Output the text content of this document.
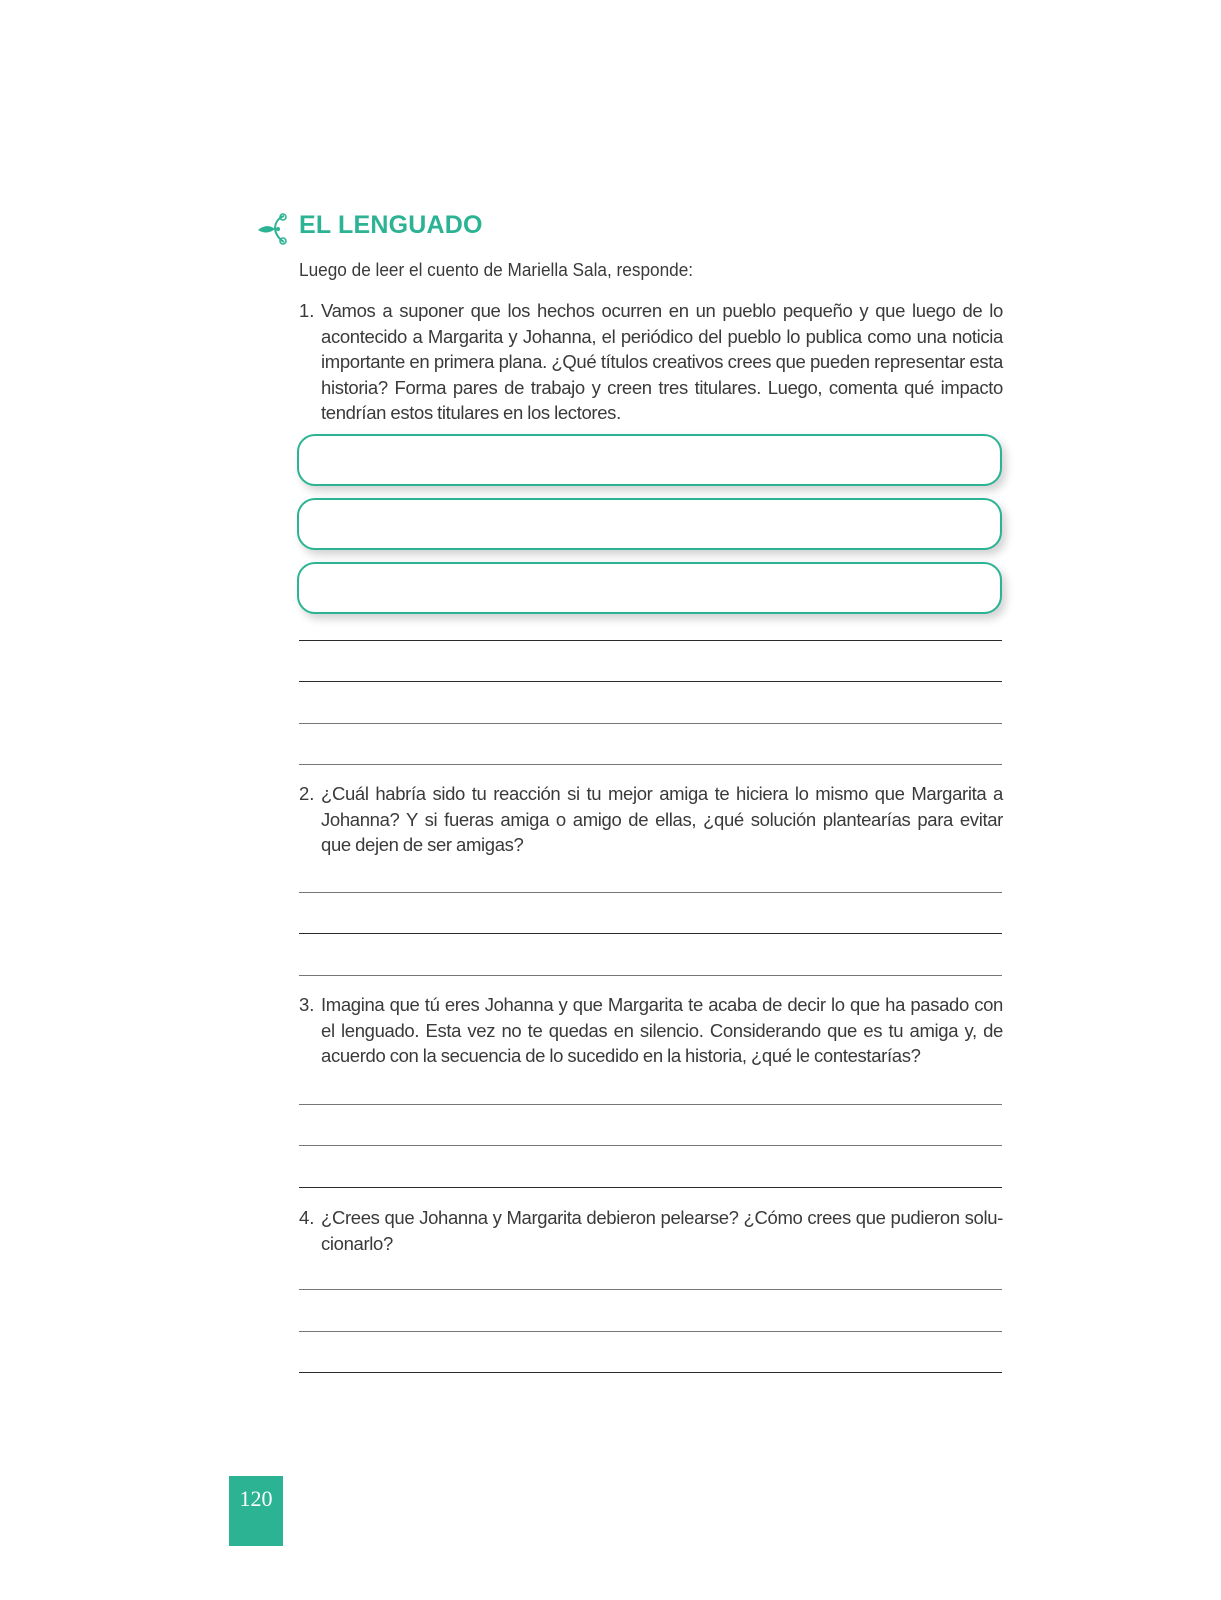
EL LENGUADO
Luego de leer el cuento de Mariella Sala, responde:
1. Vamos a suponer que los hechos ocurren en un pueblo pequeño y que luego de lo acontecido a Margarita y Johanna, el periódico del pueblo lo publica como una noticia importante en primera plana. ¿Qué títulos creativos crees que pueden representar esta historia? Forma pares de trabajo y creen tres titulares. Luego, comenta qué impacto tendrían estos titulares en los lectores.
2. ¿Cuál habría sido tu reacción si tu mejor amiga te hiciera lo mismo que Margarita a Johanna? Y si fueras amiga o amigo de ellas, ¿qué solución plantearías para evitar que dejen de ser amigas?
3. Imagina que tú eres Johanna y que Margarita te acaba de decir lo que ha pasado con el lenguado. Esta vez no te quedas en silencio. Considerando que es tu amiga y, de acuerdo con la secuencia de lo sucedido en la historia, ¿qué le contestarías?
4. ¿Crees que Johanna y Margarita debieron pelearse? ¿Cómo crees que pudieron solu-cionarlo?
120
